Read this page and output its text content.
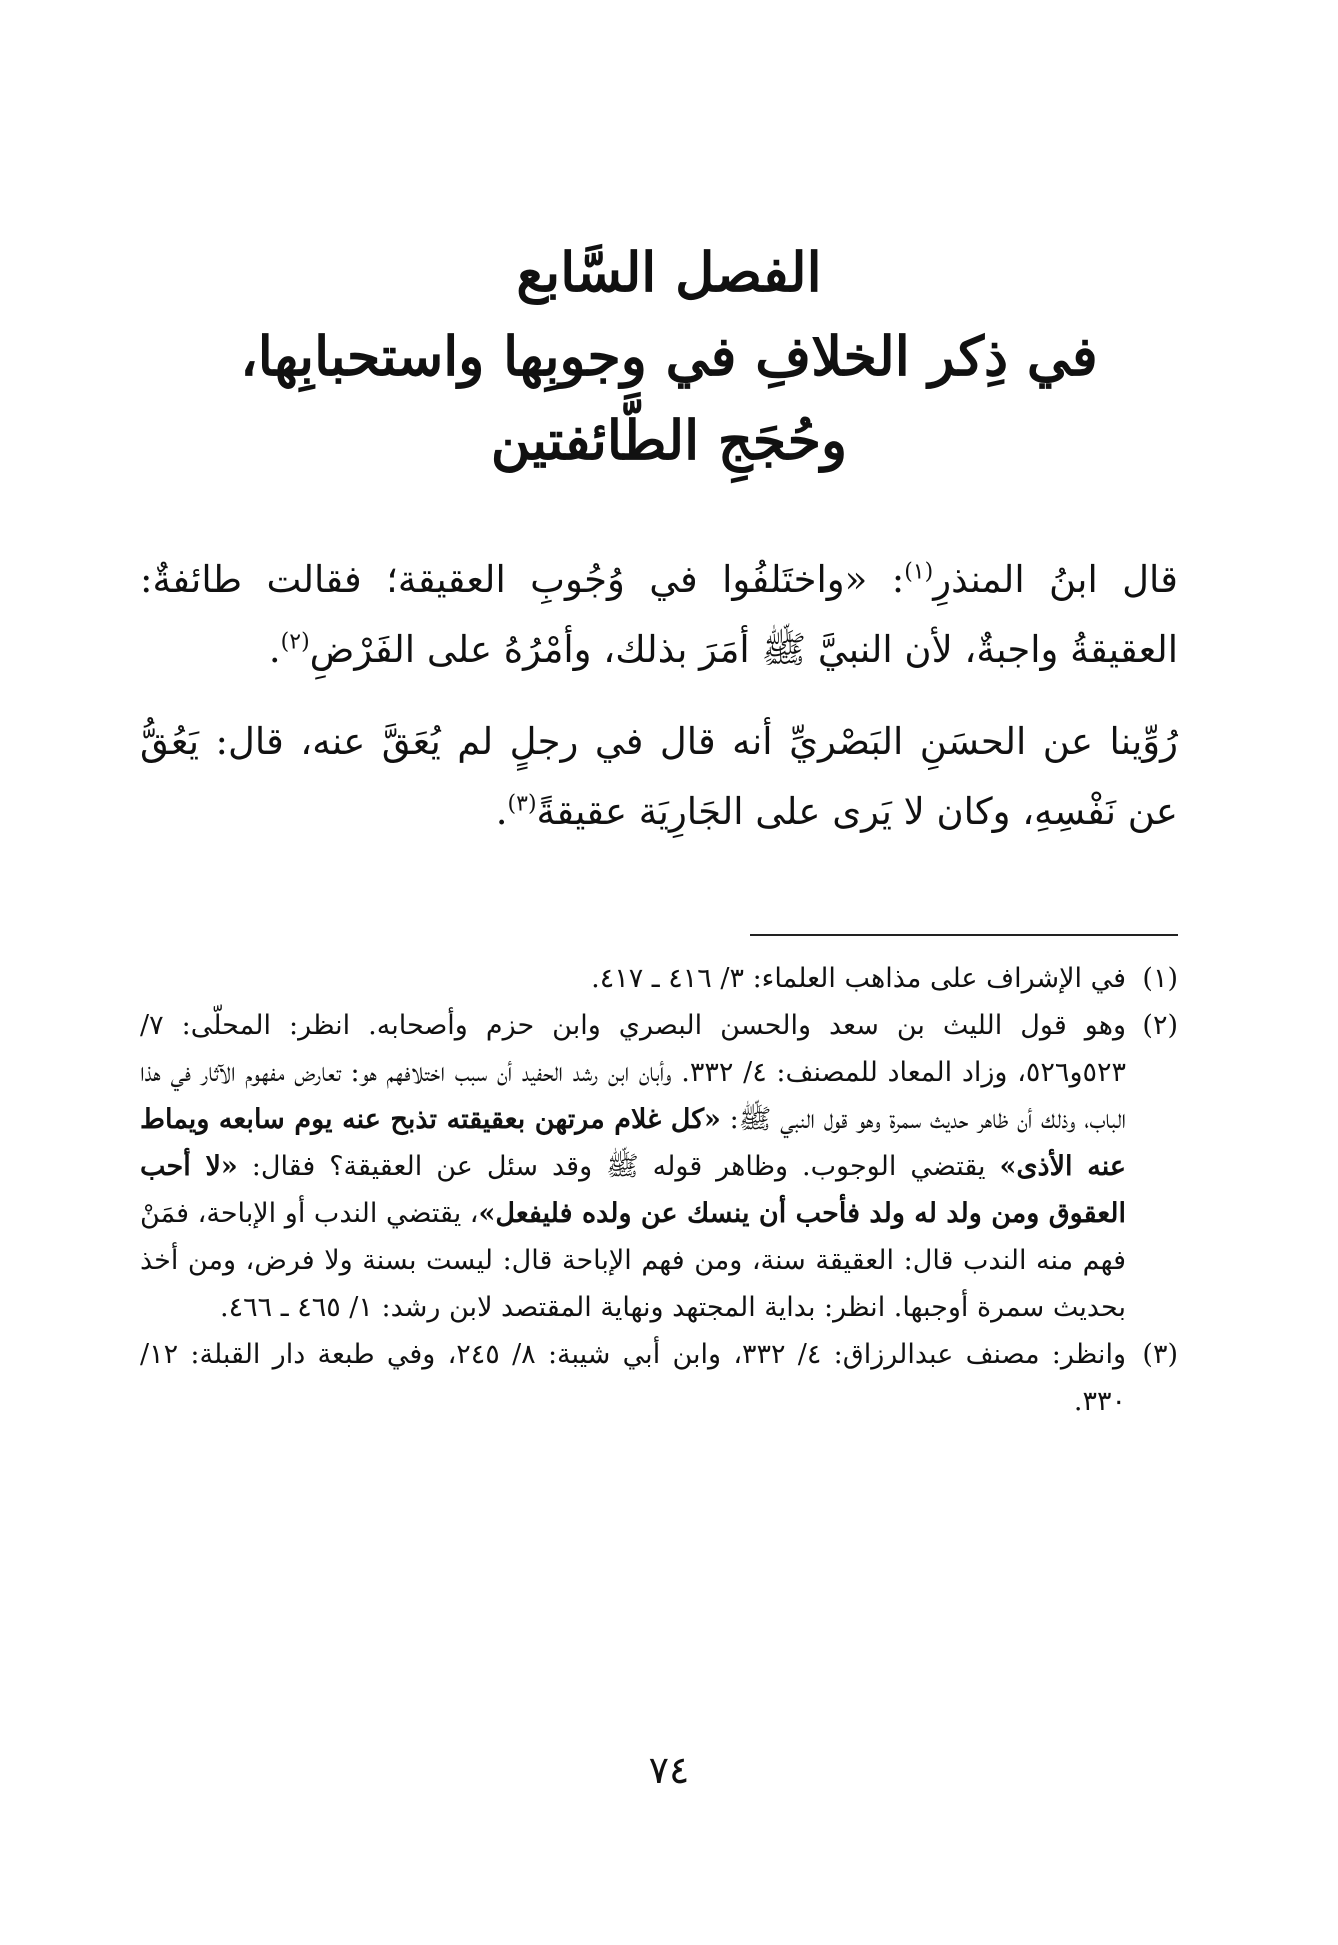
الفصل السَّابع
في ذِكر الخلافِ في وجوبِها واستحبابِها،
وحُجَجِ الطَّائفتين

قال ابنُ المنذرِ$^{(١)}$: «واختَلفُوا في وُجُوبِ العقيقة؛ فقالت طائفةٌ: العقيقةُ واجبةٌ، لأن النبيَّ ﷺ أمَرَ بذلك، وأمْرُهُ على الفَرْضِ$^{(٢)}$.

رُوِّينا عن الحسَنِ البَصْريِّ أنه قال في رجلٍ لم يُعَقَّ عنه، قال: يَعُقُّ عن نَفْسِهِ، وكان لا يَرى على الجَارِيَة عقيقةً$^{(٣)}$.

(١)
في الإشراف على مذاهب العلماء: ٣/ ٤١٦ ـ ٤١٧.
(٢)
وهو قول الليث بن سعد والحسن البصري وابن حزم وأصحابه. انظر: المحلّى: ٧/ ٥٢٣و٥٢٦، وزاد المعاد للمصنف: ٤/ ٣٣٢. وأبان ابن رشد الحفيد أن سبب اختلافهم هو: تعارض مفهوم الآثار في هذا الباب، وذلك أن ظاهر حديث سمرة وهو قول النبي ﷺ: «كل غلام مرتهن بعقيقته تذبح عنه يوم سابعه ويماط عنه الأذى» يقتضي الوجوب. وظاهر قوله ﷺ وقد سئل عن العقيقة؟ فقال: «لا أحب العقوق ومن ولد له ولد فأحب أن ينسك عن ولده فليفعل»، يقتضي الندب أو الإباحة، فمَنْ فهم منه الندب قال: العقيقة سنة، ومن فهم الإباحة قال: ليست بسنة ولا فرض، ومن أخذ بحديث سمرة أوجبها. انظر: بداية المجتهد ونهاية المقتصد لابن رشد: ١/ ٤٦٥ ـ ٤٦٦.
(٣)
وانظر: مصنف عبدالرزاق: ٤/ ٣٣٢، وابن أبي شيبة: ٨/ ٢٤٥، وفي طبعة دار القبلة: ١٢/ ٣٣٠.
٧٤
